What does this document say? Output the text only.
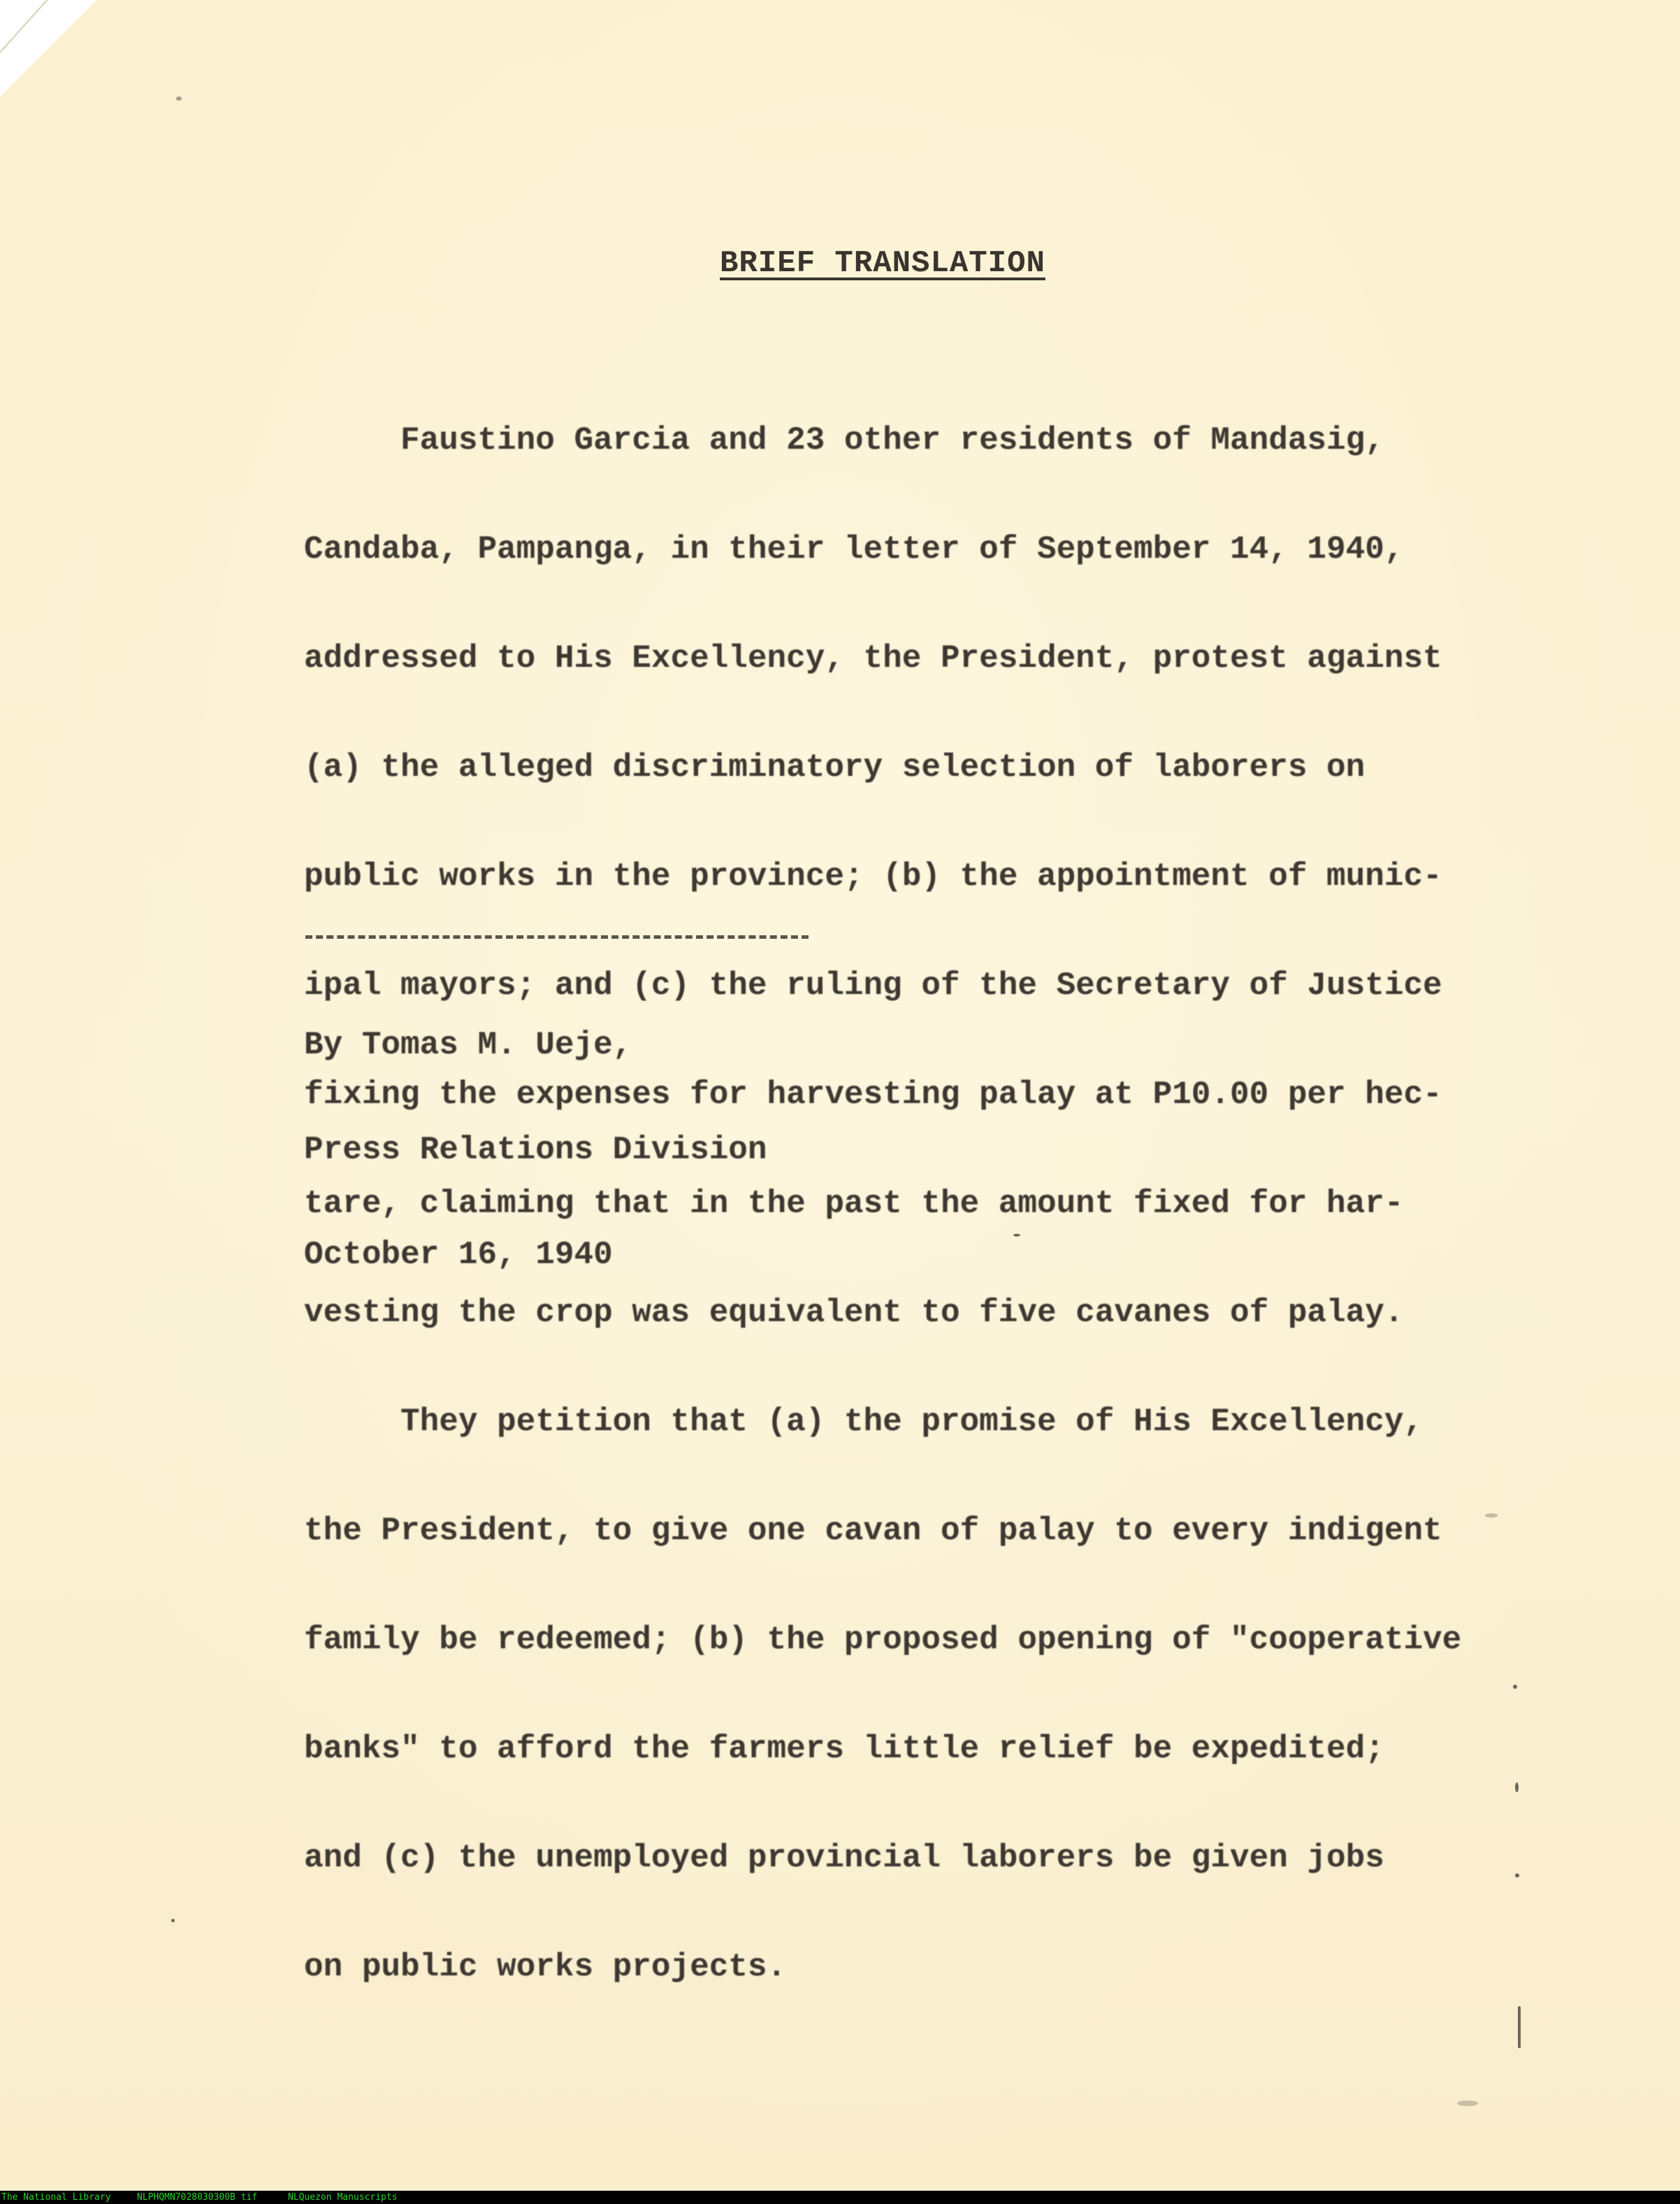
BRIEF TRANSLATION

Faustino Garcia and 23 other residents of Mandasig,

Candaba, Pampanga, in their letter of September 14, 1940,

addressed to His Excellency, the President, protest against

(a) the alleged discriminatory selection of laborers on

public works in the province; (b) the appointment of munic-

ipal mayors; and (c) the ruling of the Secretary of Justice

fixing the expenses for harvesting palay at P10.00 per hec-

tare, claiming that in the past the amount fixed for har-

vesting the crop was equivalent to five cavanes of palay.

They petition that (a) the promise of His Excellency,

the President, to give one cavan of palay to every indigent

family be redeemed; (b) the proposed opening of "cooperative

banks" to afford the farmers little relief be expedited;

and (c) the unemployed provincial laborers be given jobs

on public works projects.

By Tomas M. Ueje,

Press Relations Division

October 16, 1940

The National Library	NLPHQMN7028030300B tif	NLQuezon Manuscripts
